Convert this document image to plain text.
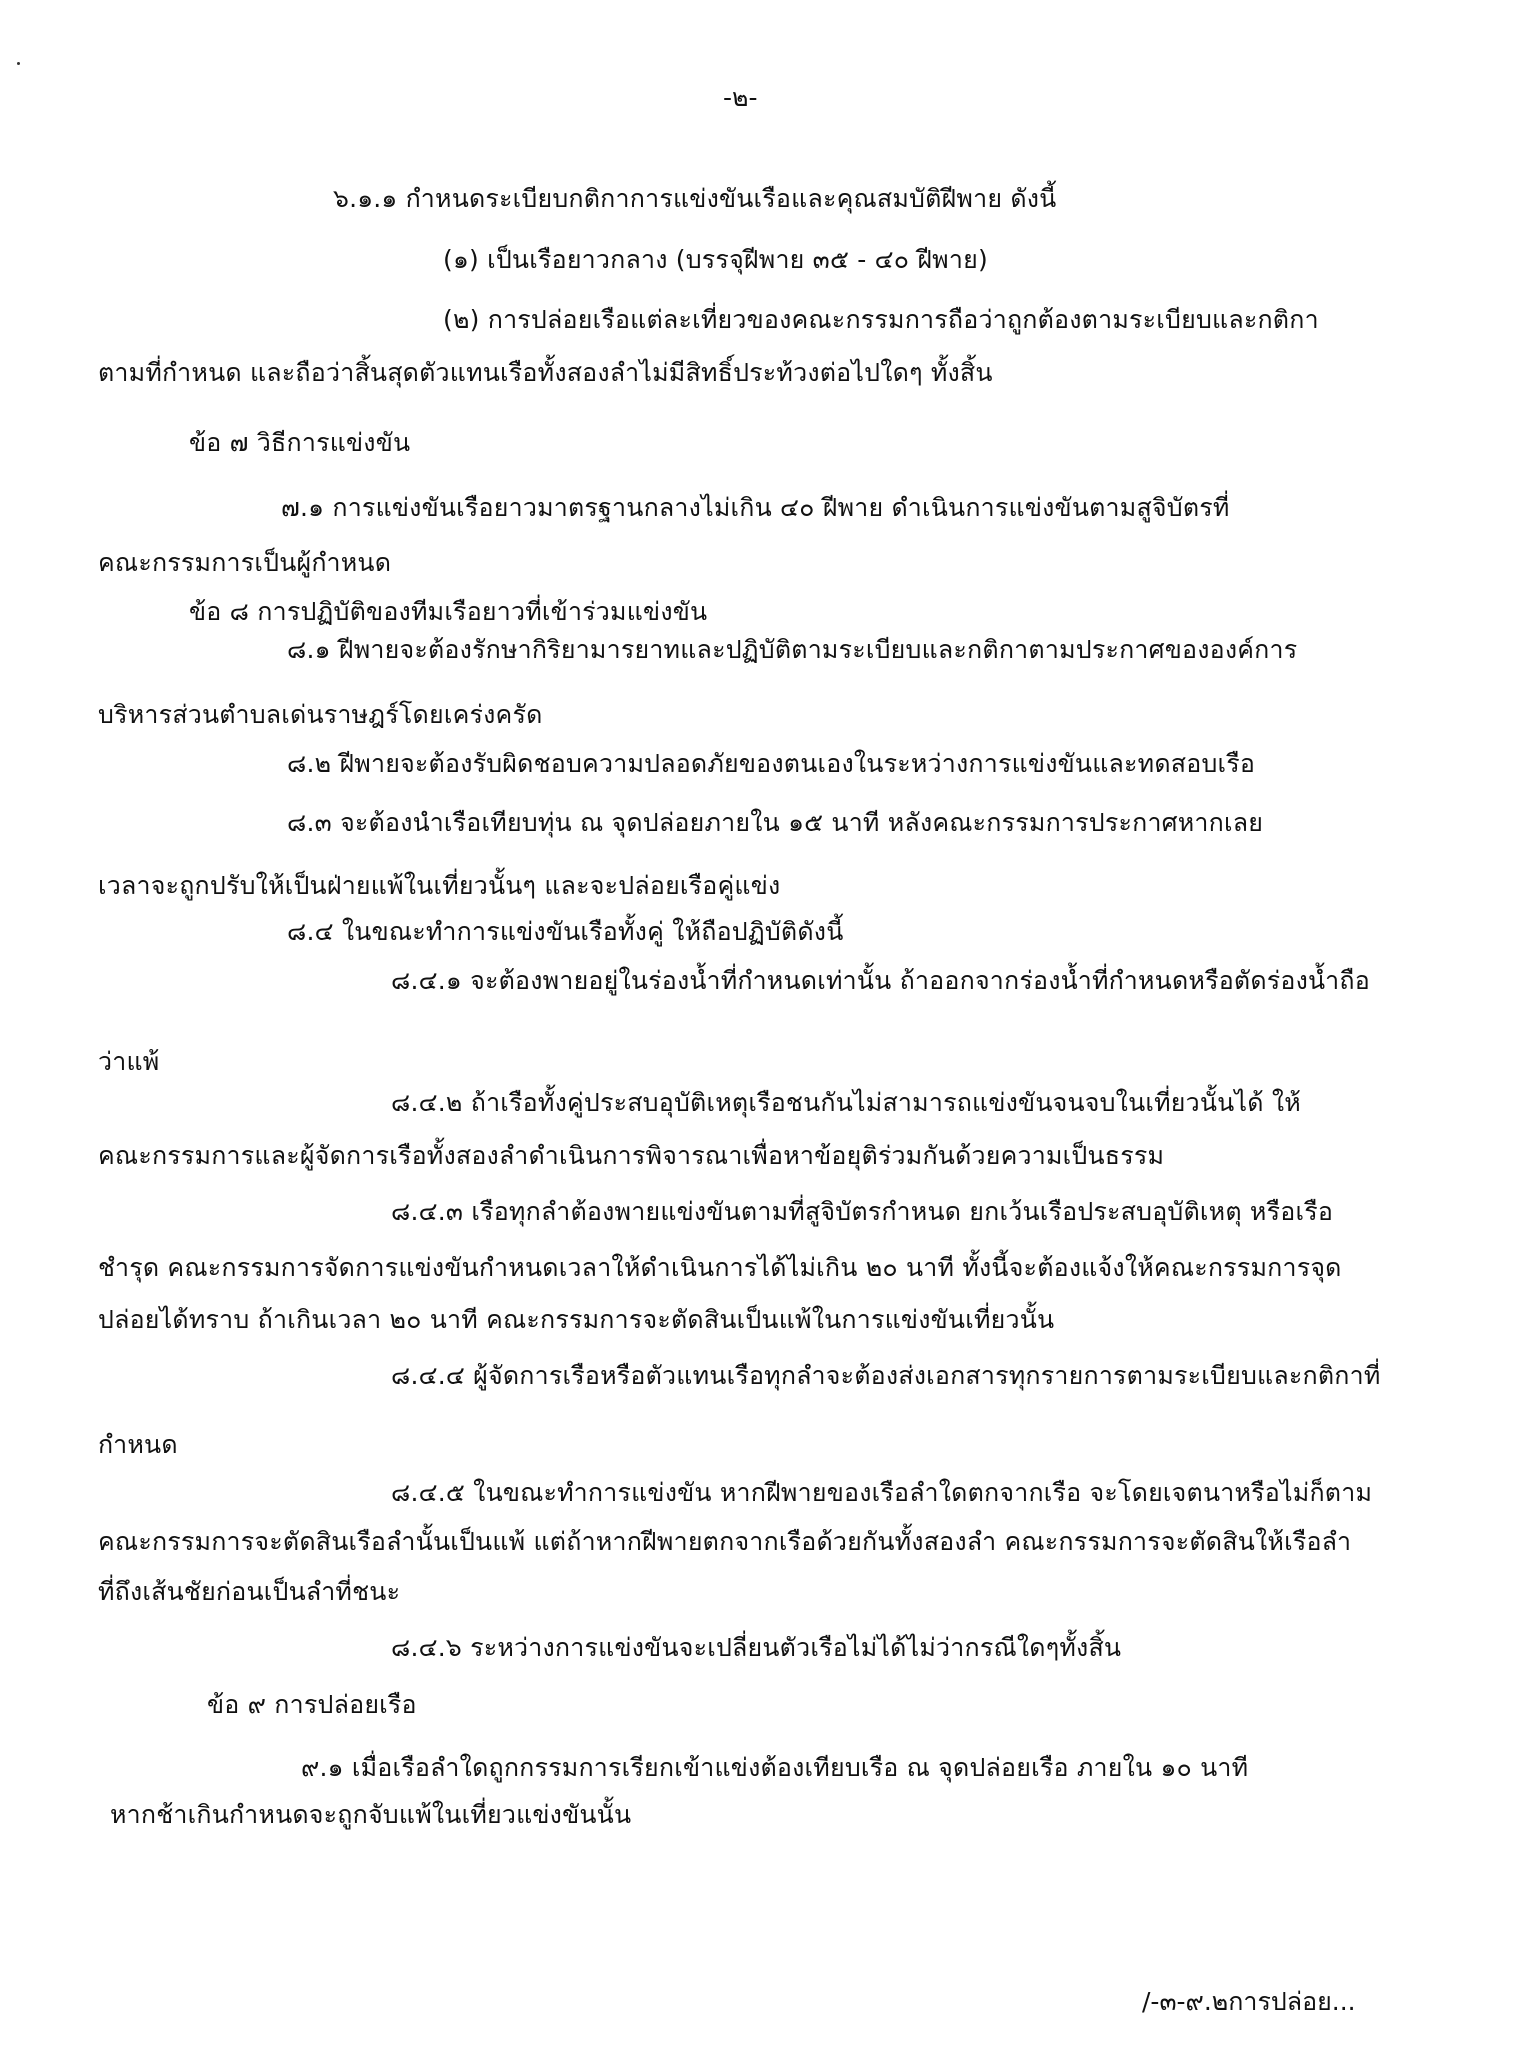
-๒-
๖.๑.๑ กำหนดระเบียบกติกาการแข่งขันเรือและคุณสมบัติฝีพาย ดังนี้
(๑) เป็นเรือยาวกลาง (บรรจุฝีพาย ๓๕ - ๔๐ ฝีพาย)
(๒) การปล่อยเรือแต่ละเที่ยวของคณะกรรมการถือว่าถูกต้องตามระเบียบและกติกา
ตามที่กำหนด และถือว่าสิ้นสุดตัวแทนเรือทั้งสองลำไม่มีสิทธิ์ประท้วงต่อไปใดๆ ทั้งสิ้น
ข้อ ๗ วิธีการแข่งขัน
๗.๑ การแข่งขันเรือยาวมาตรฐานกลางไม่เกิน ๔๐ ฝีพาย ดำเนินการแข่งขันตามสูจิบัตรที่
คณะกรรมการเป็นผู้กำหนด
ข้อ ๘ การปฏิบัติของทีมเรือยาวที่เข้าร่วมแข่งขัน
๘.๑ ฝีพายจะต้องรักษากิริยามารยาทและปฏิบัติตามระเบียบและกติกาตามประกาศขององค์การ
บริหารส่วนตำบลเด่นราษฎร์โดยเคร่งครัด
๘.๒ ฝีพายจะต้องรับผิดชอบความปลอดภัยของตนเองในระหว่างการแข่งขันและทดสอบเรือ
๘.๓ จะต้องนำเรือเทียบทุ่น ณ จุดปล่อยภายใน ๑๕ นาที หลังคณะกรรมการประกาศหากเลย
เวลาจะถูกปรับให้เป็นฝ่ายแพ้ในเที่ยวนั้นๆ และจะปล่อยเรือคู่แข่ง
๘.๔ ในขณะทำการแข่งขันเรือทั้งคู่ ให้ถือปฏิบัติดังนี้
๘.๔.๑ จะต้องพายอยู่ในร่องน้ำที่กำหนดเท่านั้น ถ้าออกจากร่องน้ำที่กำหนดหรือตัดร่องน้ำถือ
ว่าแพ้
๘.๔.๒ ถ้าเรือทั้งคู่ประสบอุบัติเหตุเรือชนกันไม่สามารถแข่งขันจนจบในเที่ยวนั้นได้ ให้
คณะกรรมการและผู้จัดการเรือทั้งสองลำดำเนินการพิจารณาเพื่อหาข้อยุติร่วมกันด้วยความเป็นธรรม
๘.๔.๓ เรือทุกลำต้องพายแข่งขันตามที่สูจิบัตรกำหนด ยกเว้นเรือประสบอุบัติเหตุ หรือเรือ
ชำรุด คณะกรรมการจัดการแข่งขันกำหนดเวลาให้ดำเนินการได้ไม่เกิน ๒๐ นาที ทั้งนี้จะต้องแจ้งให้คณะกรรมการจุด
ปล่อยได้ทราบ ถ้าเกินเวลา ๒๐ นาที คณะกรรมการจะตัดสินเป็นแพ้ในการแข่งขันเที่ยวนั้น
๘.๔.๔ ผู้จัดการเรือหรือตัวแทนเรือทุกลำจะต้องส่งเอกสารทุกรายการตามระเบียบและกติกาที่
กำหนด
๘.๔.๕ ในขณะทำการแข่งขัน หากฝีพายของเรือลำใดตกจากเรือ จะโดยเจตนาหรือไม่ก็ตาม
คณะกรรมการจะตัดสินเรือลำนั้นเป็นแพ้ แต่ถ้าหากฝีพายตกจากเรือด้วยกันทั้งสองลำ คณะกรรมการจะตัดสินให้เรือลำ
ที่ถึงเส้นชัยก่อนเป็นลำที่ชนะ
๘.๔.๖ ระหว่างการแข่งขันจะเปลี่ยนตัวเรือไม่ได้ไม่ว่ากรณีใดๆทั้งสิ้น
ข้อ ๙ การปล่อยเรือ
๙.๑ เมื่อเรือลำใดถูกกรรมการเรียกเข้าแข่งต้องเทียบเรือ ณ จุดปล่อยเรือ ภายใน ๑๐ นาที
หากช้าเกินกำหนดจะถูกจับแพ้ในเที่ยวแข่งขันนั้น
/-๓-๙.๒การปล่อย...
